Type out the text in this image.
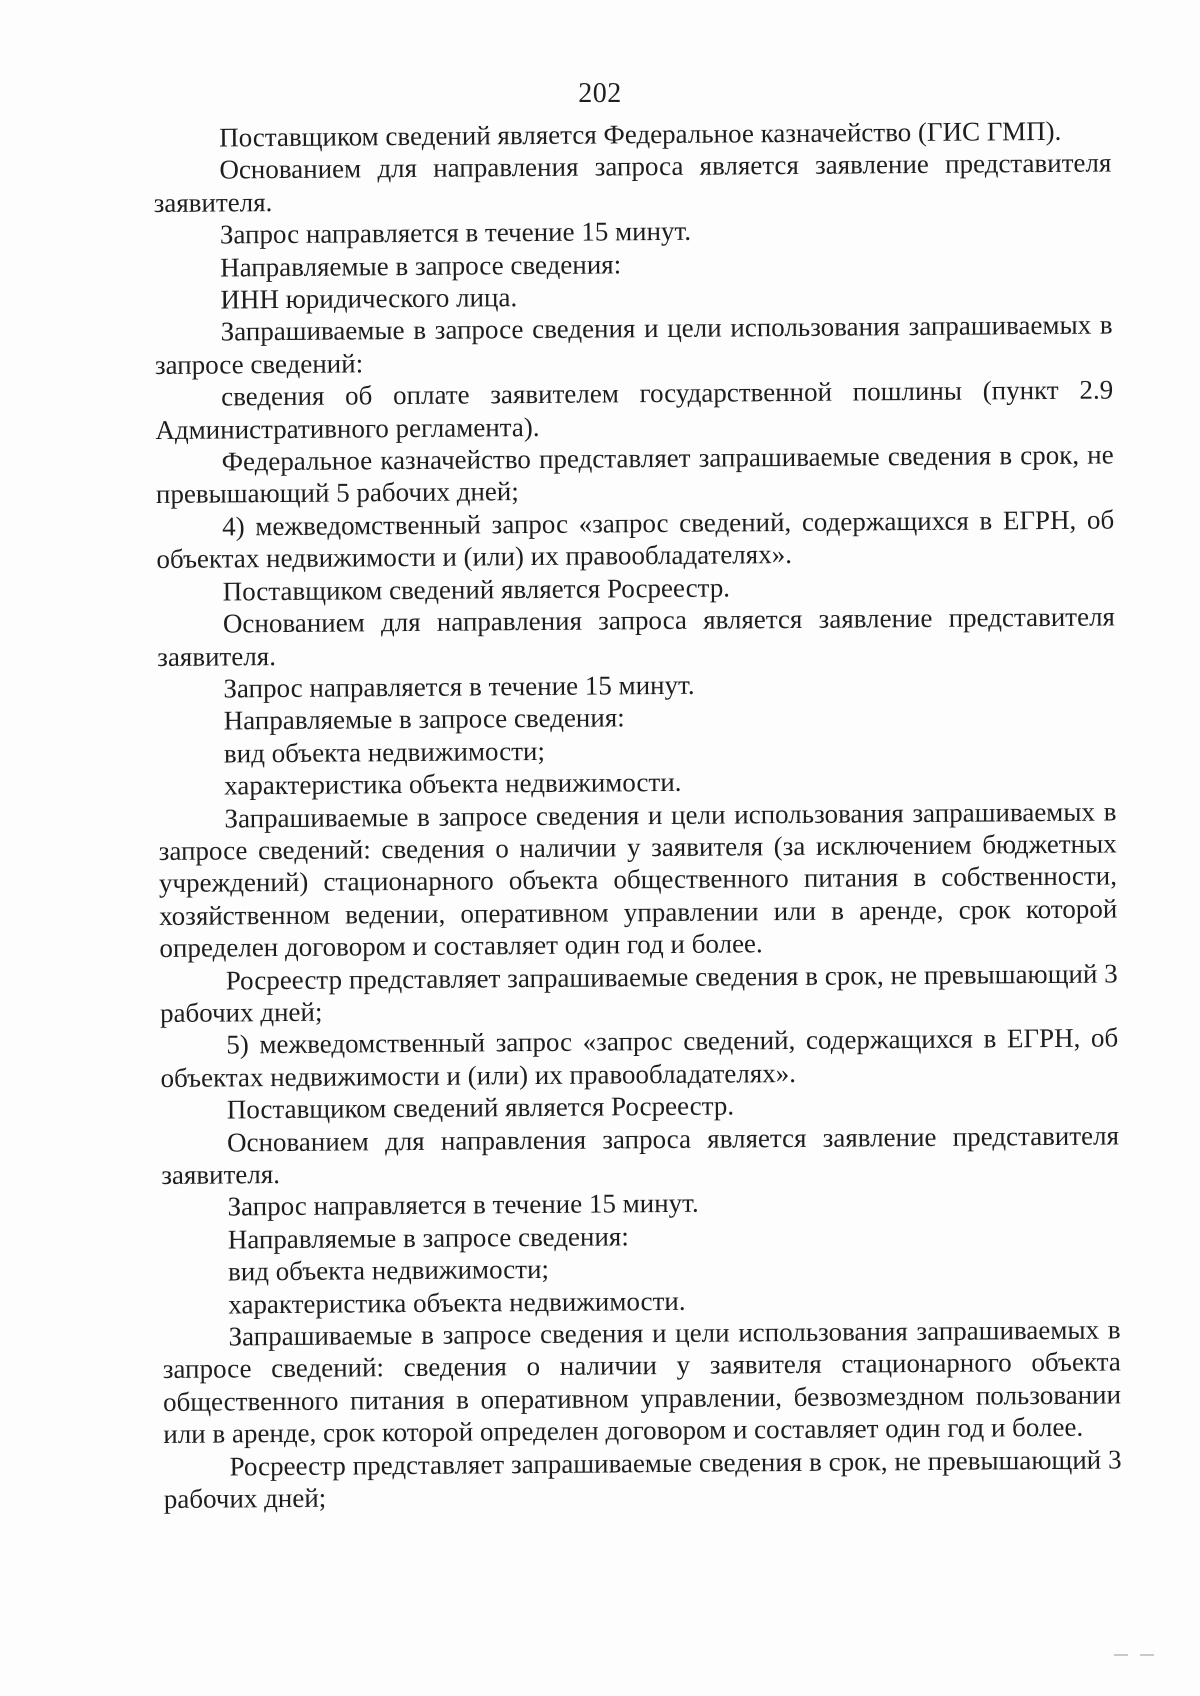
202

Поставщиком сведений является Федеральное казначейство (ГИС ГМП).

Основанием для направления запроса является заявление представителя заявителя.

Запрос направляется в течение 15 минут.

Направляемые в запросе сведения:

ИНН юридического лица.

Запрашиваемые в запросе сведения и цели использования запрашиваемых в запросе сведений:

сведения об оплате заявителем государственной пошлины (пункт 2.9 Административного регламента).

Федеральное казначейство представляет запрашиваемые сведения в срок, не превышающий 5 рабочих дней;

4) межведомственный запрос «запрос сведений, содержащихся в ЕГРН, об объектах недвижимости и (или) их правообладателях».

Поставщиком сведений является Росреестр.

Основанием для направления запроса является заявление представителя заявителя.

Запрос направляется в течение 15 минут.

Направляемые в запросе сведения:

вид объекта недвижимости;

характеристика объекта недвижимости.

Запрашиваемые в запросе сведения и цели использования запрашиваемых в запросе сведений: сведения о наличии у заявителя (за исключением бюджетных учреждений) стационарного объекта общественного питания в собственности, хозяйственном ведении, оперативном управлении или в аренде, срок которой определен договором и составляет один год и более.

Росреестр представляет запрашиваемые сведения в срок, не превышающий 3 рабочих дней;

5) межведомственный запрос «запрос сведений, содержащихся в ЕГРН, об объектах недвижимости и (или) их правообладателях».

Поставщиком сведений является Росреестр.

Основанием для направления запроса является заявление представителя заявителя.

Запрос направляется в течение 15 минут.

Направляемые в запросе сведения:

вид объекта недвижимости;

характеристика объекта недвижимости.

Запрашиваемые в запросе сведения и цели использования запрашиваемых в запросе сведений: сведения о наличии у заявителя стационарного объекта общественного питания в оперативном управлении, безвозмездном пользовании или в аренде, срок которой определен договором и составляет один год и более.

Росреестр представляет запрашиваемые сведения в срок, не превышающий 3 рабочих дней;
